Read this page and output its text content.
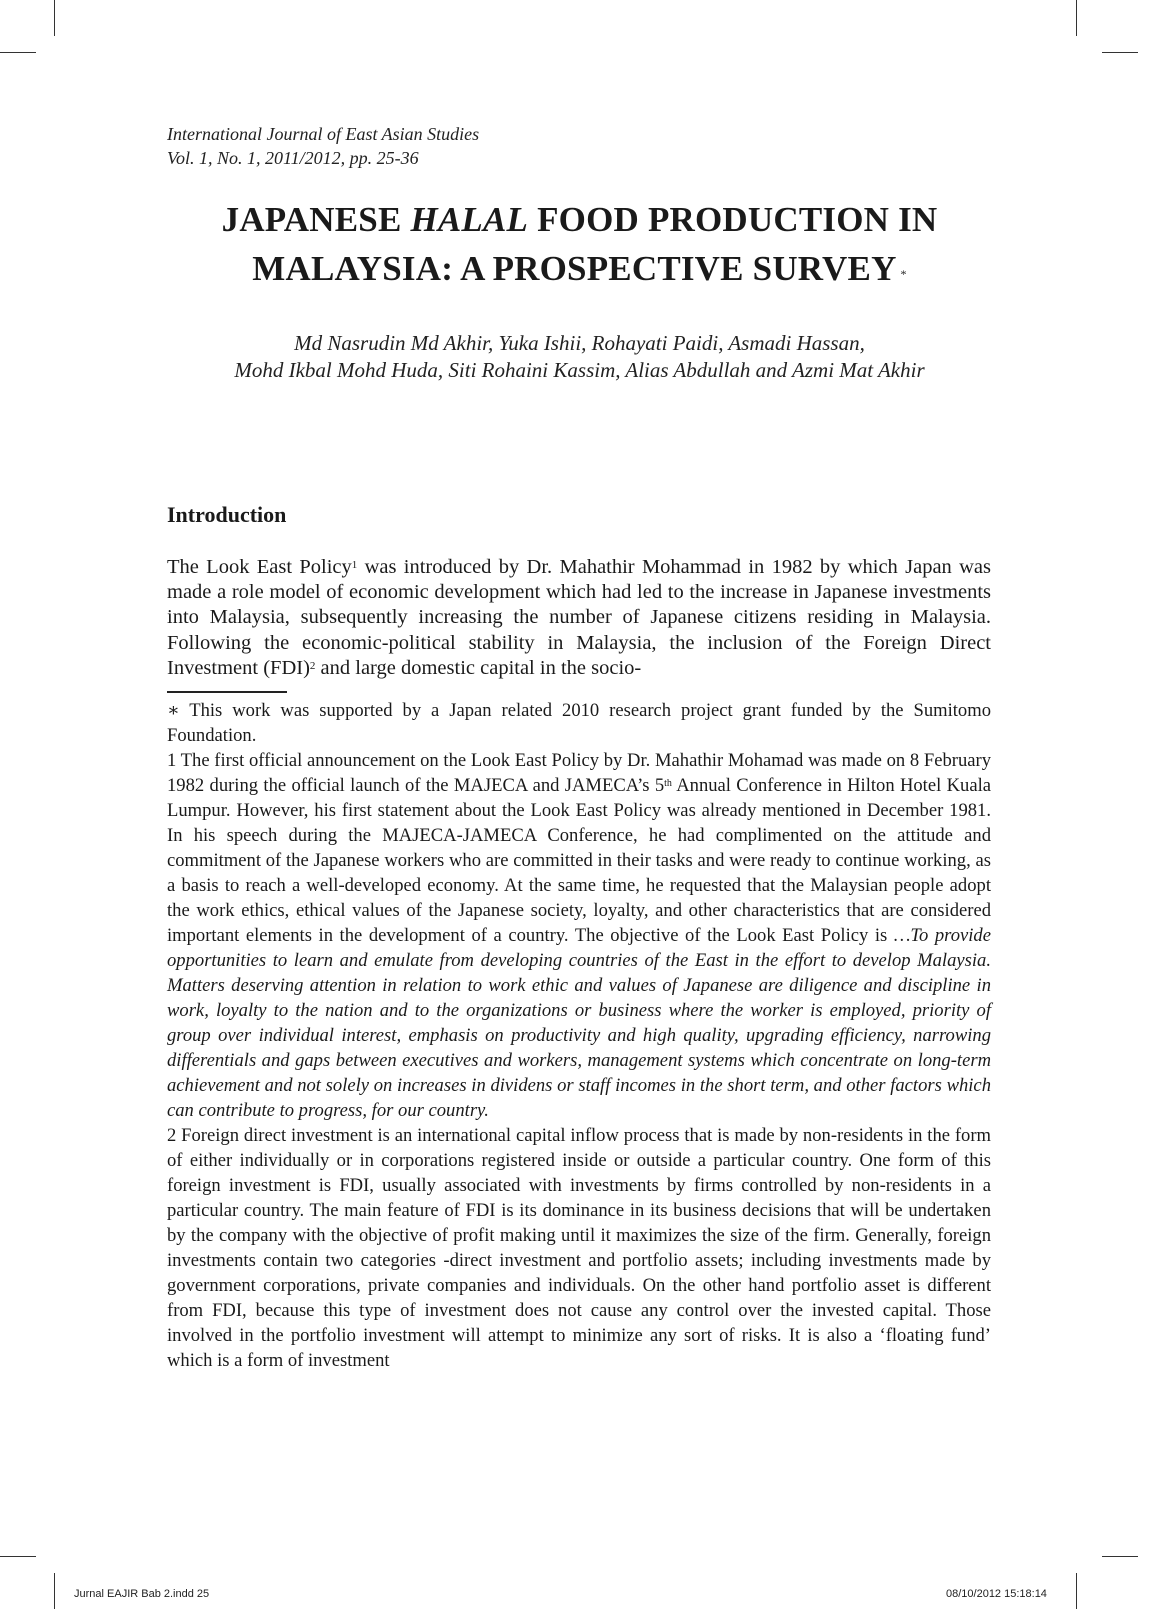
International Journal of East Asian Studies
Vol. 1, No. 1, 2011/2012, pp. 25-36
JAPANESE HALAL FOOD PRODUCTION IN
MALAYSIA: A PROSPECTIVE SURVEY *
Md Nasrudin Md Akhir, Yuka Ishii, Rohayati Paidi, Asmadi Hassan,
Mohd Ikbal Mohd Huda, Siti Rohaini Kassim, Alias Abdullah and Azmi Mat Akhir
Introduction
The Look East Policy$^1$ was introduced by Dr. Mahathir Mohammad in 1982 by which Japan was made a role model of economic development which had led to the increase in Japanese investments into Malaysia, subsequently increasing the number of Japanese citizens residing in Malaysia. Following the economic-political stability in Malaysia, the inclusion of the Foreign Direct Investment (FDI)$^2$ and large domestic capital in the socio-

∗ This work was supported by a Japan related 2010 research project grant funded by the Sumitomo Foundation.

1 The first official announcement on the Look East Policy by Dr. Mahathir Mohamad was made on 8 February 1982 during the official launch of the MAJECA and JAMECA’s 5th Annual Conference in Hilton Hotel Kuala Lumpur. However, his first statement about the Look East Policy was already mentioned in December 1981. In his speech during the MAJECA-JAMECA Conference, he had complimented on the attitude and commitment of the Japanese workers who are committed in their tasks and were ready to continue working, as a basis to reach a well-developed economy. At the same time, he requested that the Malaysian people adopt the work ethics, ethical values of the Japanese society, loyalty, and other characteristics that are considered important elements in the development of a country. The objective of the Look East Policy is …To provide opportunities to learn and emulate from developing countries of the East in the effort to develop Malaysia. Matters deserving attention in relation to work ethic and values of Japanese are diligence and discipline in work, loyalty to the nation and to the organizations or business where the worker is employed, priority of group over individual interest, emphasis on productivity and high quality, upgrading efficiency, narrowing differentials and gaps between executives and workers, management systems which concentrate on long-term achievement and not solely on increases in dividens or staff incomes in the short term, and other factors which can contribute to progress, for our country.

2 Foreign direct investment is an international capital inflow process that is made by non-residents in the form of either individually or in corporations registered inside or outside a particular country. One form of this foreign investment is FDI, usually associated with investments by firms controlled by non-residents in a particular country. The main feature of FDI is its dominance in its business decisions that will be undertaken by the company with the objective of profit making until it maximizes the size of the firm. Generally, foreign investments contain two categories -direct investment and portfolio assets; including investments made by government corporations, private companies and individuals. On the other hand portfolio asset is different from FDI, because this type of investment does not cause any control over the invested capital. Those involved in the portfolio investment will attempt to minimize any sort of risks. It is also a ‘floating fund’ which is a form of investment

Jurnal EAJIR Bab 2.indd 25	08/10/2012 15:18:14
